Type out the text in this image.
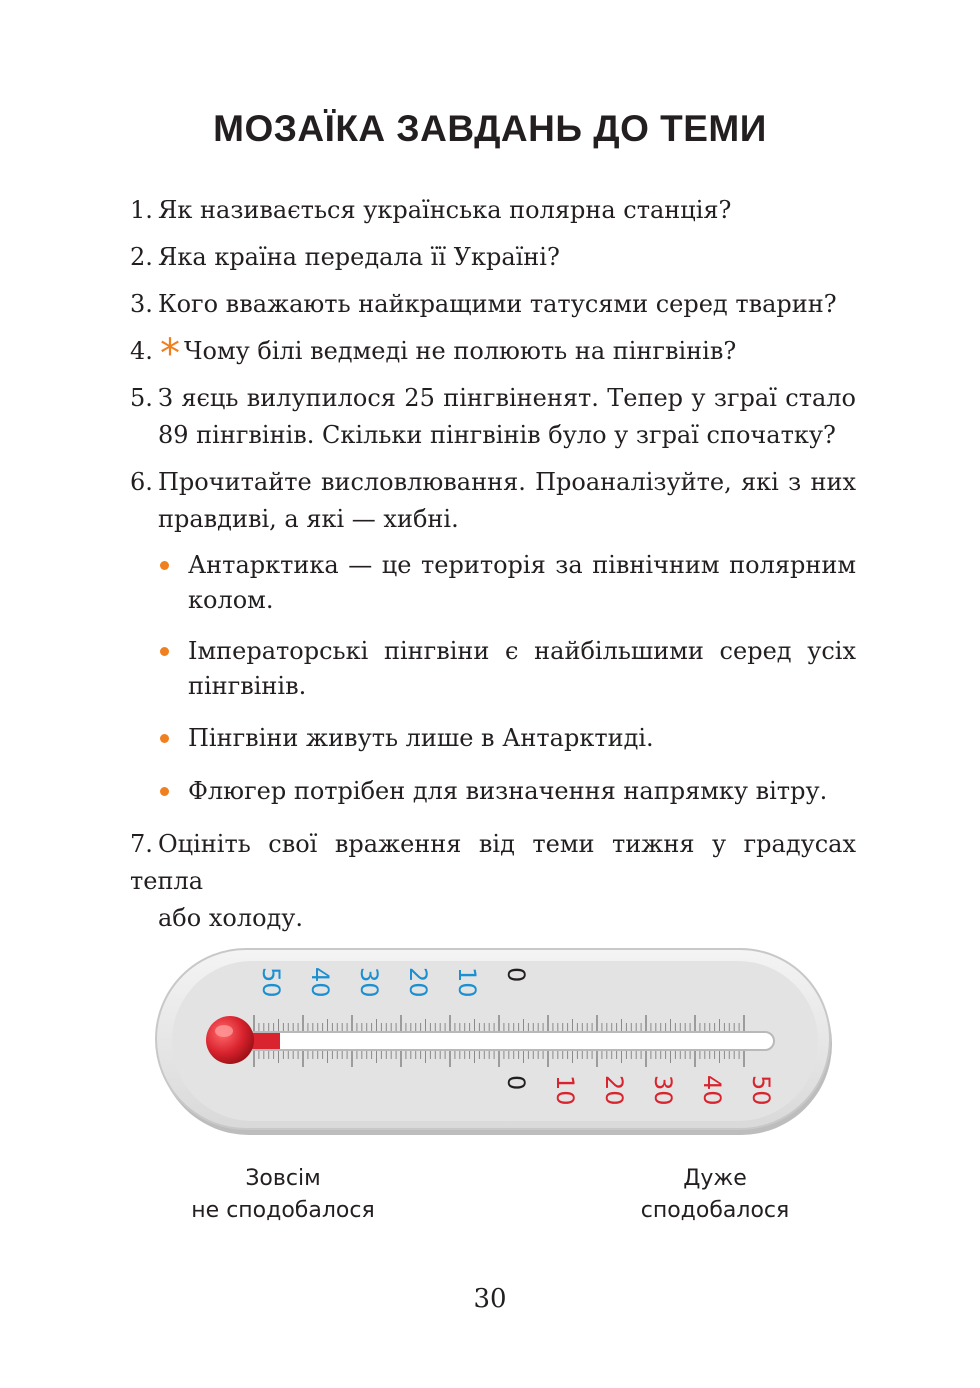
МОЗАЇКА ЗАВДАНЬ ДО ТЕМИ
1. Як називається українська полярна станція?
2. Яка країна передала її Україні?
3. Кого вважають найкращими татусями серед тварин?
4. * Чому білі ведмеді не полюють на пінгвінів?
5. З яєць вилупилося 25 пінгвіненят. Тепер у зграї стало
89 пінгвінів. Скільки пінгвінів було у зграї спочатку?
6. Прочитайте висловлювання. Проаналізуйте, які з них
правдиві, а які — хибні.
Антарктика — це територія за північним полярним
колом.
Імператорські пінгвіни є найбільшими серед усіх
пінгвінів.
Пінгвіни живуть лише в Антарктиді.
Флюгер потрібен для визначення напрямку вітру.
7. Оцініть свої враження від теми тижня у градусах тепла
або холоду.
50 40 30 20 10 0
0 10 20 30 40 50
Зовсім
не сподобалося
Дуже
сподобалося
30
